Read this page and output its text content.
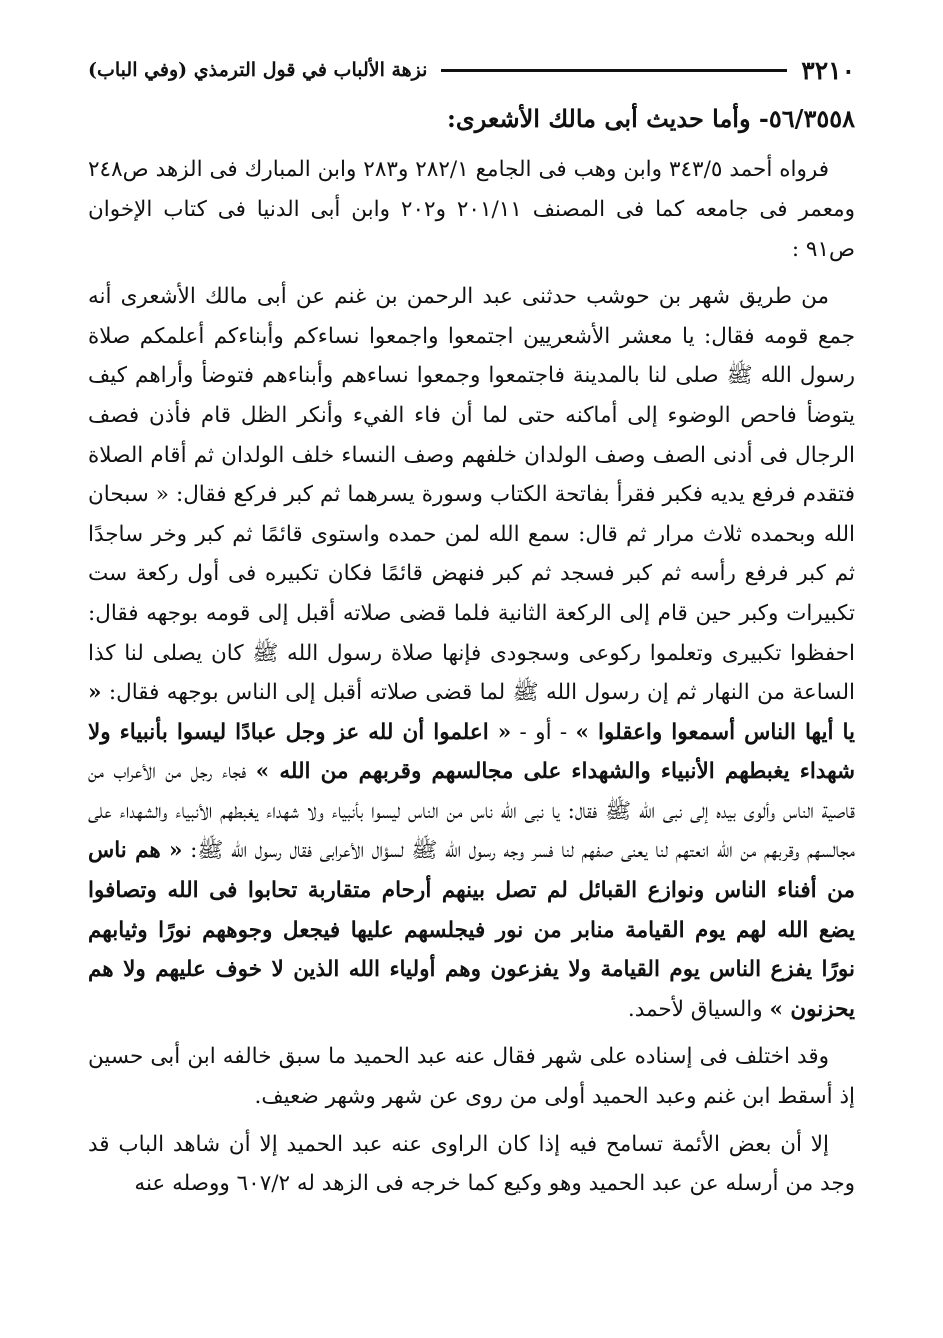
٣٢١٠
نزهة الألباب في قول الترمذي (وفي الباب)
٥٦/٣٥٥٨- وأما حديث أبى مالك الأشعرى:

فرواه أحمد ٣٤٣/٥ وابن وهب فى الجامع ٢٨٢/١ و٢٨٣ وابن المبارك فى الزهد ص٢٤٨ ومعمر فى جامعه كما فى المصنف ٢٠١/١١ و٢٠٢ وابن أبى الدنيا فى كتاب الإخوان ص٩١ :

من طريق شهر بن حوشب حدثنى عبد الرحمن بن غنم عن أبى مالك الأشعرى أنه جمع قومه فقال: يا معشر الأشعريين اجتمعوا واجمعوا نساءكم وأبناءكم أعلمكم صلاة رسول الله ﷺ صلى لنا بالمدينة فاجتمعوا وجمعوا نساءهم وأبناءهم فتوضأ وأراهم كيف يتوضأ فاحص الوضوء إلى أماكنه حتى لما أن فاء الفيء وأنكر الظل قام فأذن فصف الرجال فى أدنى الصف وصف الولدان خلفهم وصف النساء خلف الولدان ثم أقام الصلاة فتقدم فرفع يديه فكبر فقرأ بفاتحة الكتاب وسورة يسرهما ثم كبر فركع فقال: « سبحان الله وبحمده ثلاث مرار ثم قال: سمع الله لمن حمده واستوى قائمًا ثم كبر وخر ساجدًا ثم كبر فرفع رأسه ثم كبر فسجد ثم كبر فنهض قائمًا فكان تكبيره فى أول ركعة ست تكبيرات وكبر حين قام إلى الركعة الثانية فلما قضى صلاته أقبل إلى قومه بوجهه فقال: احفظوا تكبيرى وتعلموا ركوعى وسجودى فإنها صلاة رسول الله ﷺ كان يصلى لنا كذا الساعة من النهار ثم إن رسول الله ﷺ لما قضى صلاته أقبل إلى الناس بوجهه فقال: « يا أيها الناس أسمعوا واعقلوا » - أو - « اعلموا أن لله عز وجل عبادًا ليسوا بأنبياء ولا شهداء يغبطهم الأنبياء والشهداء على مجالسهم وقربهم من الله » فجاء رجل من الأعراب من قاصية الناس وألوى بيده إلى نبى الله ﷺ فقال: يا نبى الله ناس من الناس ليسوا بأنبياء ولا شهداء يغبطهم الأنبياء والشهداء على مجالسهم وقربهم من الله انعتهم لنا يعنى صفهم لنا فسر وجه رسول الله ﷺ لسؤال الأعرابى فقال رسول الله ﷺ: « هم ناس من أفناء الناس ونوازع القبائل لم تصل بينهم أرحام متقاربة تحابوا فى الله وتصافوا يضع الله لهم يوم القيامة منابر من نور فيجلسهم عليها فيجعل وجوههم نورًا وثيابهم نورًا يفزع الناس يوم القيامة ولا يفزعون وهم أولياء الله الذين لا خوف عليهم ولا هم يحزنون » والسياق لأحمد.

وقد اختلف فى إسناده على شهر فقال عنه عبد الحميد ما سبق خالفه ابن أبى حسين إذ أسقط ابن غنم وعبد الحميد أولى من روى عن شهر وشهر ضعيف.

إلا أن بعض الأئمة تسامح فيه إذا كان الراوى عنه عبد الحميد إلا أن شاهد الباب قد وجد من أرسله عن عبد الحميد وهو وكيع كما خرجه فى الزهد له ٦٠٧/٢ ووصله عنه
